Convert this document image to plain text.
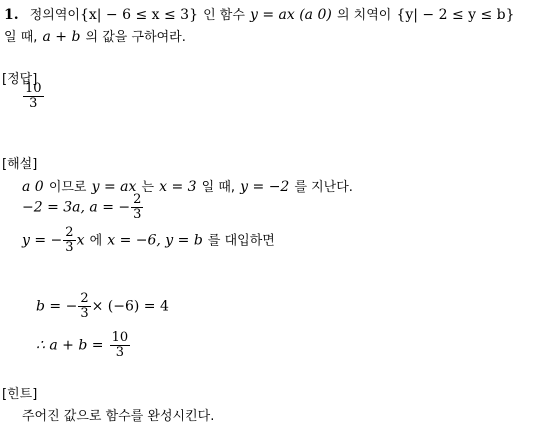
1. 정의역이{x| − 6 ≤ x ≤ 3} 인 함수 y = ax (a 0) 의 치역이 {y| − 2 ≤ y ≤ b}
일 때, a + b 의 값을 구하여라.
[정답]
$\frac{10}{3}$
[해설]
a 0 이므로 y = ax 는 x = 3 일 때, y = −2 를 지난다.
−2 = 3a, a = − $\frac{2}{3}$
y = − $\frac{2}{3}$ x 에 x = −6, y = b 를 대입하면
b = − $\frac{2}{3} \times (-6) = 4$
∴ $a + b = \frac{10}{3}$
[힌트]
주어진 값으로 함수를 완성시킨다.
